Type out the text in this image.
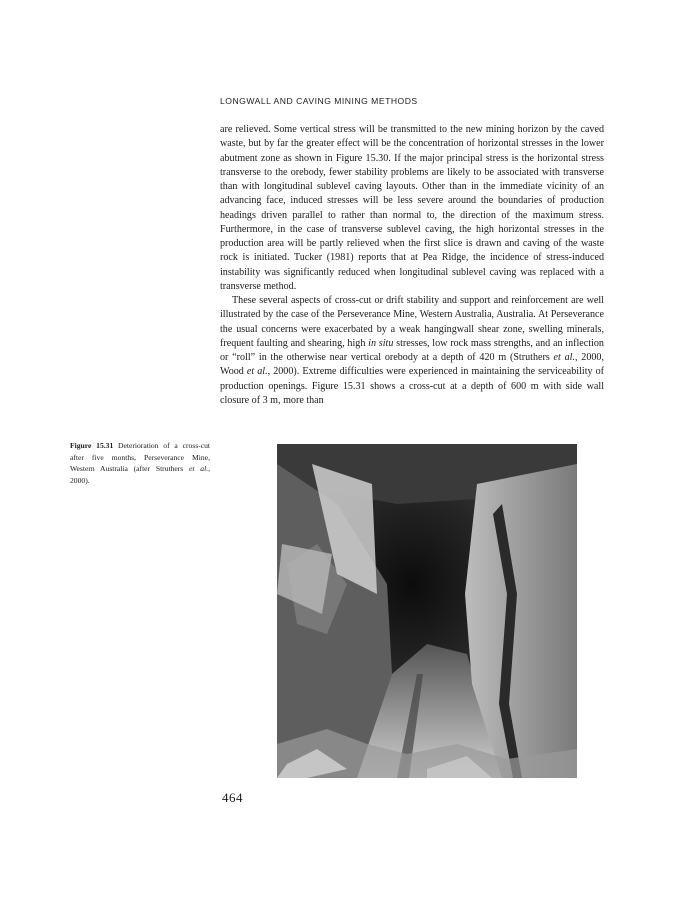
LONGWALL AND CAVING MINING METHODS

are relieved. Some vertical stress will be transmitted to the new mining horizon by the caved waste, but by far the greater effect will be the concentration of horizontal stresses in the lower abutment zone as shown in Figure 15.30. If the major principal stress is the horizontal stress transverse to the orebody, fewer stability problems are likely to be associated with transverse than with longitudinal sublevel caving layouts. Other than in the immediate vicinity of an advancing face, induced stresses will be less severe around the boundaries of production headings driven parallel to rather than normal to, the direction of the maximum stress. Furthermore, in the case of transverse sublevel caving, the high horizontal stresses in the production area will be partly relieved when the first slice is drawn and caving of the waste rock is initiated. Tucker (1981) reports that at Pea Ridge, the incidence of stress-induced instability was significantly reduced when longitudinal sublevel caving was replaced with a transverse method.

These several aspects of cross-cut or drift stability and support and reinforcement are well illustrated by the case of the Perseverance Mine, Western Australia, Australia. At Perseverance the usual concerns were exacerbated by a weak hangingwall shear zone, swelling minerals, frequent faulting and shearing, high in situ stresses, low rock mass strengths, and an inflection or “roll” in the otherwise near vertical orebody at a depth of 420 m (Struthers et al., 2000, Wood et al., 2000). Extreme difficulties were experienced in maintaining the serviceability of production openings. Figure 15.31 shows a cross-cut at a depth of 600 m with side wall closure of 3 m, more than

Figure 15.31 Deterioration of a cross-cut after five months, Perseverance Mine, Western Australia (after Struthers et al., 2000).
464
